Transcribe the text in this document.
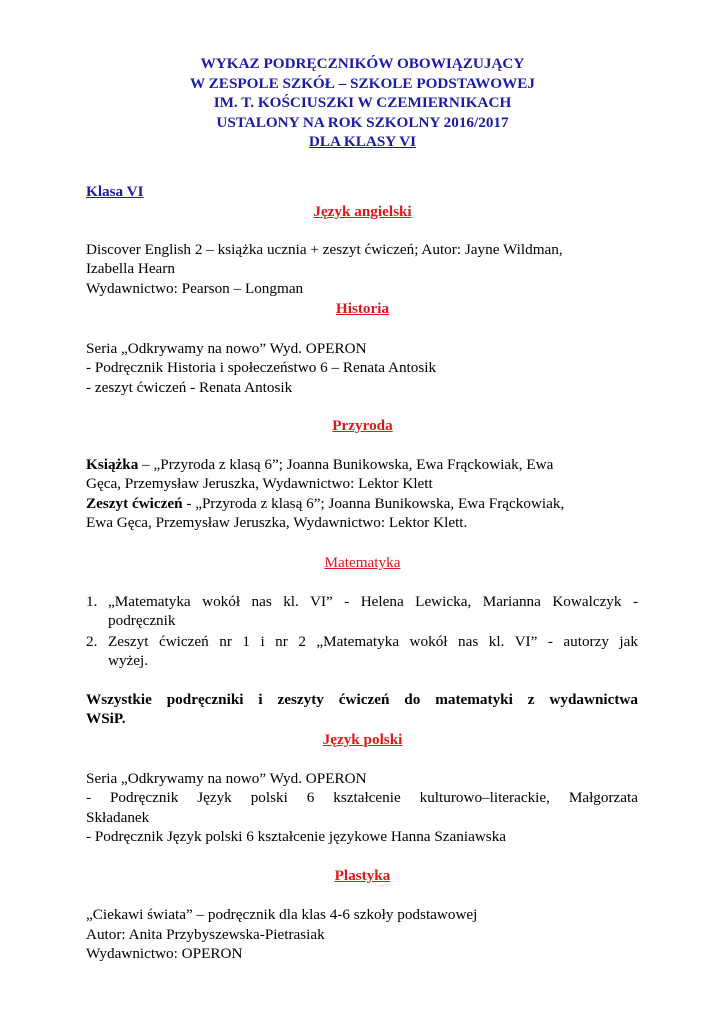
WYKAZ PODRĘCZNIKÓW OBOWIĄZUJĄCY
W ZESPOLE SZKÓŁ – SZKOLE PODSTAWOWEJ
IM. T. KOŚCIUSZKI W CZEMIERNIKACH
USTALONY NA ROK SZKOLNY 2016/2017
DLA KLASY VI
Klasa VI
Język angielski
Discover English 2 – książka ucznia + zeszyt ćwiczeń; Autor: Jayne Wildman,
Izabella Hearn
Wydawnictwo: Pearson – Longman
Historia
Seria „Odkrywamy na nowo” Wyd. OPERON
- Podręcznik Historia i społeczeństwo 6 – Renata Antosik
- zeszyt ćwiczeń - Renata Antosik
Przyroda
Książka – „Przyroda z klasą 6”; Joanna Bunikowska, Ewa Frąckowiak, Ewa
Gęca, Przemysław Jeruszka, Wydawnictwo: Lektor Klett
Zeszyt ćwiczeń - „Przyroda z klasą 6”; Joanna Bunikowska, Ewa Frąckowiak,
Ewa Gęca, Przemysław Jeruszka, Wydawnictwo: Lektor Klett.
Matematyka
1. „Matematyka wokół nas kl. VI” - Helena Lewicka, Marianna Kowalczyk -
podręcznik
2. Zeszyt ćwiczeń nr 1 i nr 2 „Matematyka wokół nas kl. VI” - autorzy jak
wyżej.
Wszystkie podręczniki i zeszyty ćwiczeń do matematyki z wydawnictwa
WSiP.
Język polski
Seria „Odkrywamy na nowo” Wyd. OPERON
- Podręcznik Język polski 6 kształcenie kulturowo–literackie, Małgorzata
Składanek
- Podręcznik Język polski 6 kształcenie językowe Hanna Szaniawska
Plastyka
„Ciekawi świata” – podręcznik dla klas 4-6 szkoły podstawowej
Autor: Anita Przybyszewska-Pietrasiak
Wydawnictwo: OPERON
